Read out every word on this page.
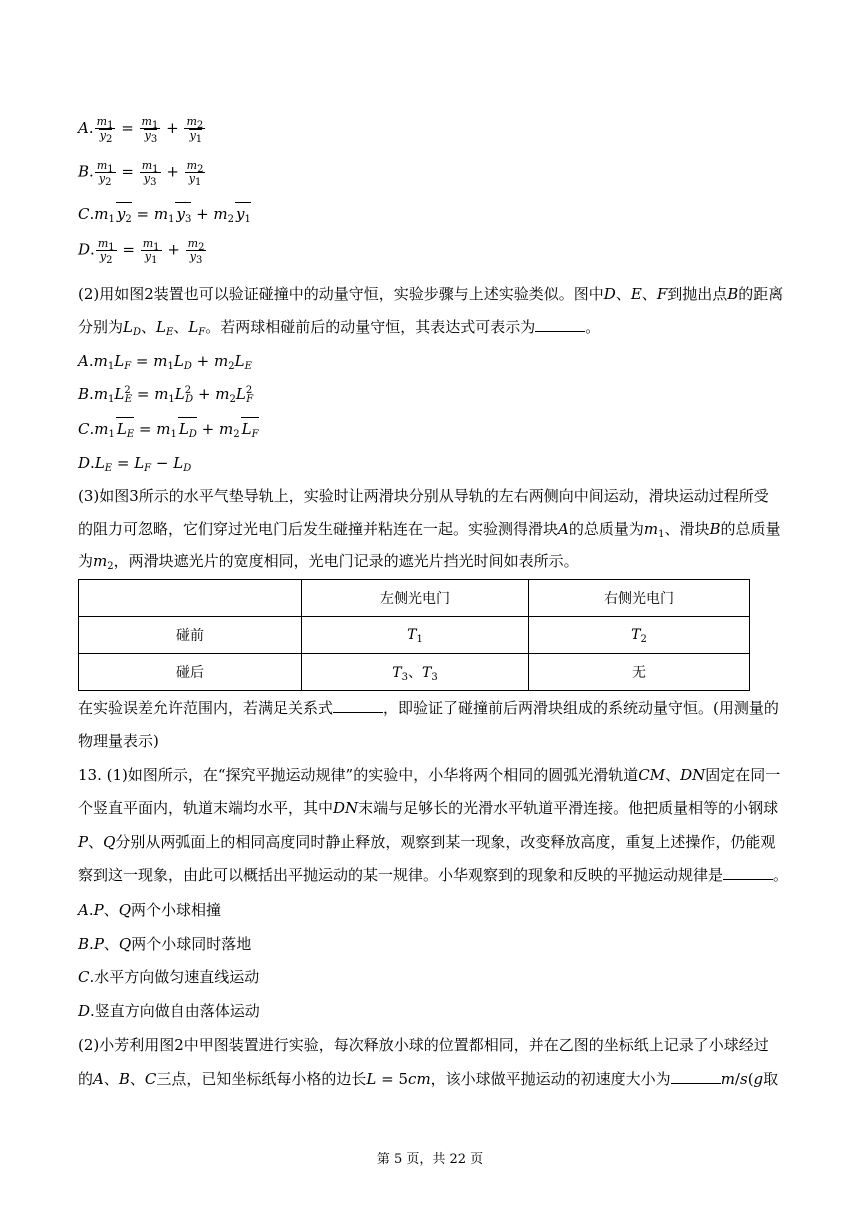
A. $\frac{m_1}{y_2} = \frac{m_1}{y_3} + \frac{m_2}{y_1}$
B. $\frac{m_1}{y_2} = \frac{m_1}{y_3} + \frac{m_2}{y_1}$
$C.m_1$ $y_2 = m_1$ $y_3 + m_2$ $y_1$
D. $\frac{m_1}{y_2} = \frac{m_1}{y_1} + \frac{m_2}{y_3}$
(2)用如图2装置也可以验证碰撞中的动量守恒，实验步骤与上述实验类似。图中D、E、F到抛出点B的距离
分别为$L_D$、$L_E$、$L_F$。若两球相碰前后的动量守恒，其表达式可表示为	。
$A.m_1L_F = m_1L_D + m_2L_E$
$B.m_1L^2_E = m_1L^2_D + m_2L^2_F$
$C.m_1$ $L_E = m_1$ $L_D + m_2$ $L_F$
$D.L_E = L_F - L_D$
(3)如图3所示的水平气垫导轨上，实验时让两滑块分别从导轨的左右两侧向中间运动，滑块运动过程所受
的阻力可忽略，它们穿过光电门后发生碰撞并粘连在一起。实验测得滑块A的总质量为$m_1$、滑块B的总质量
为$m_2$，两滑块遮光片的宽度相同，光电门记录的遮光片挡光时间如表所示。
	左侧光电门	右侧光电门
碰前	$T_1$	$T_2$
碰后	$T_3$、$T_3$	无
在实验误差允许范围内，若满足关系式	，即验证了碰撞前后两滑块组成的系统动量守恒。(用测量的
物理量表示)
13. (1)如图所示，在“探究平抛运动规律”的实验中，小华将两个相同的圆弧光滑轨道CM、DN固定在同一
个竖直平面内，轨道末端均水平，其中DN末端与足够长的光滑水平轨道平滑连接。他把质量相等的小钢球
P、Q分别从两弧面上的相同高度同时静止释放，观察到某一现象，改变释放高度，重复上述操作，仍能观
察到这一现象，由此可以概括出平抛运动的某一规律。小华观察到的现象和反映的平抛运动规律是	。
A.P、Q两个小球相撞
B.P、Q两个小球同时落地
C.水平方向做匀速直线运动
D.竖直方向做自由落体运动
(2)小芳利用图2中甲图装置进行实验，每次释放小球的位置都相同，并在乙图的坐标纸上记录了小球经过
的A、B、C三点，已知坐标纸每小格的边长L = 5cm，该小球做平抛运动的初速度大小为	m/s(g取
第 5 页，共 22 页
